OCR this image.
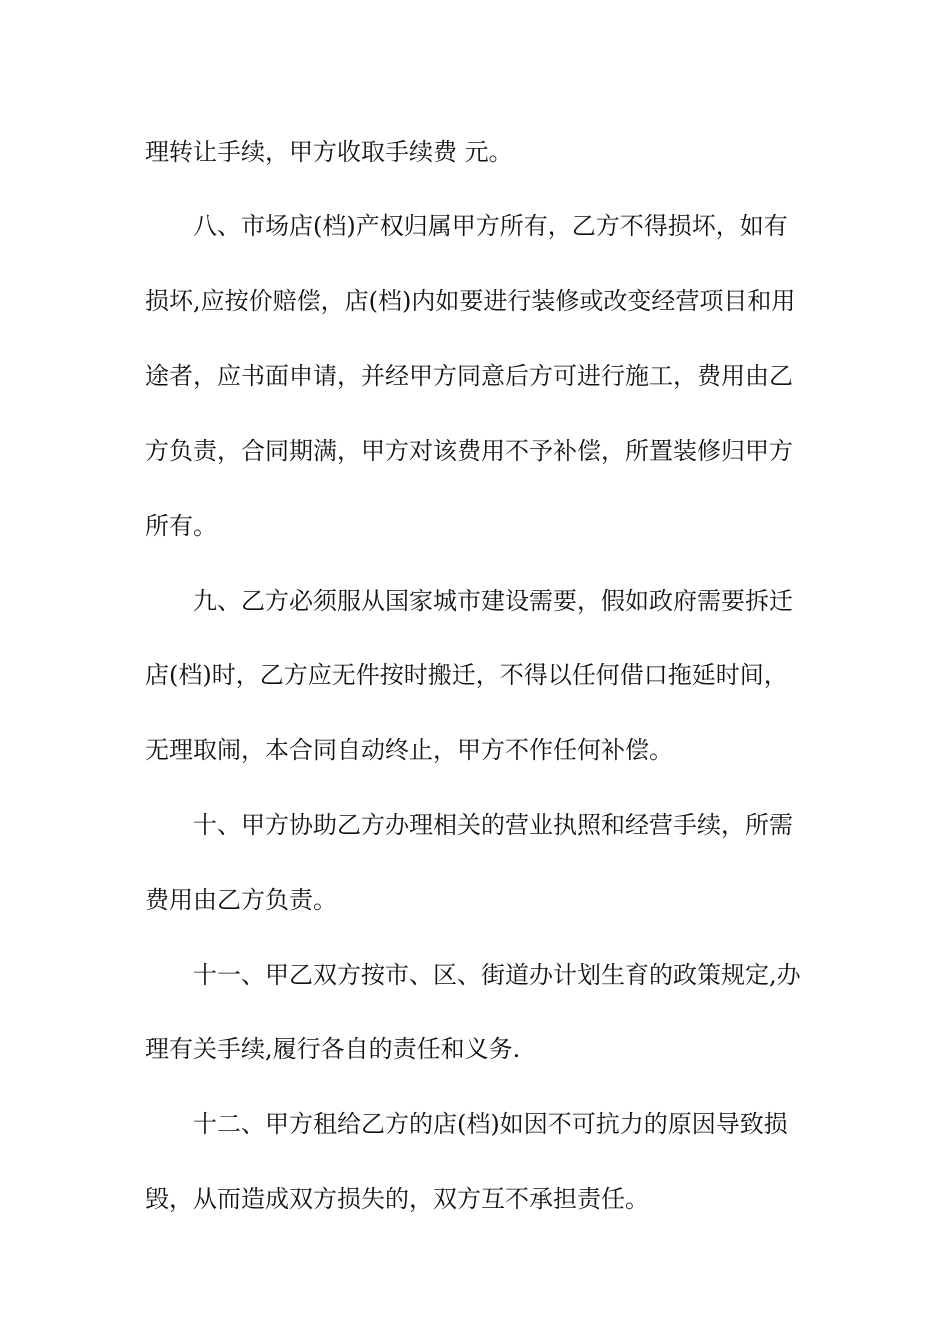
理转让手续，甲方收取手续费 元。
八、市场店(档)产权归属甲方所有，乙方不得损坏，如有
损坏,应按价赔偿，店(档)内如要进行装修或改变经营项目和用
途者，应书面申请，并经甲方同意后方可进行施工，费用由乙
方负责，合同期满，甲方对该费用不予补偿，所置装修归甲方
所有。
九、乙方必须服从国家城市建设需要，假如政府需要拆迁
店(档)时，乙方应无件按时搬迁，不得以任何借口拖延时间，
无理取闹，本合同自动终止，甲方不作任何补偿。
十、甲方协助乙方办理相关的营业执照和经营手续，所需
费用由乙方负责。
十一、甲乙双方按市、区、街道办计划生育的政策规定,办
理有关手续,履行各自的责任和义务.
十二、甲方租给乙方的店(档)如因不可抗力的原因导致损
毁，从而造成双方损失的，双方互不承担责任。
